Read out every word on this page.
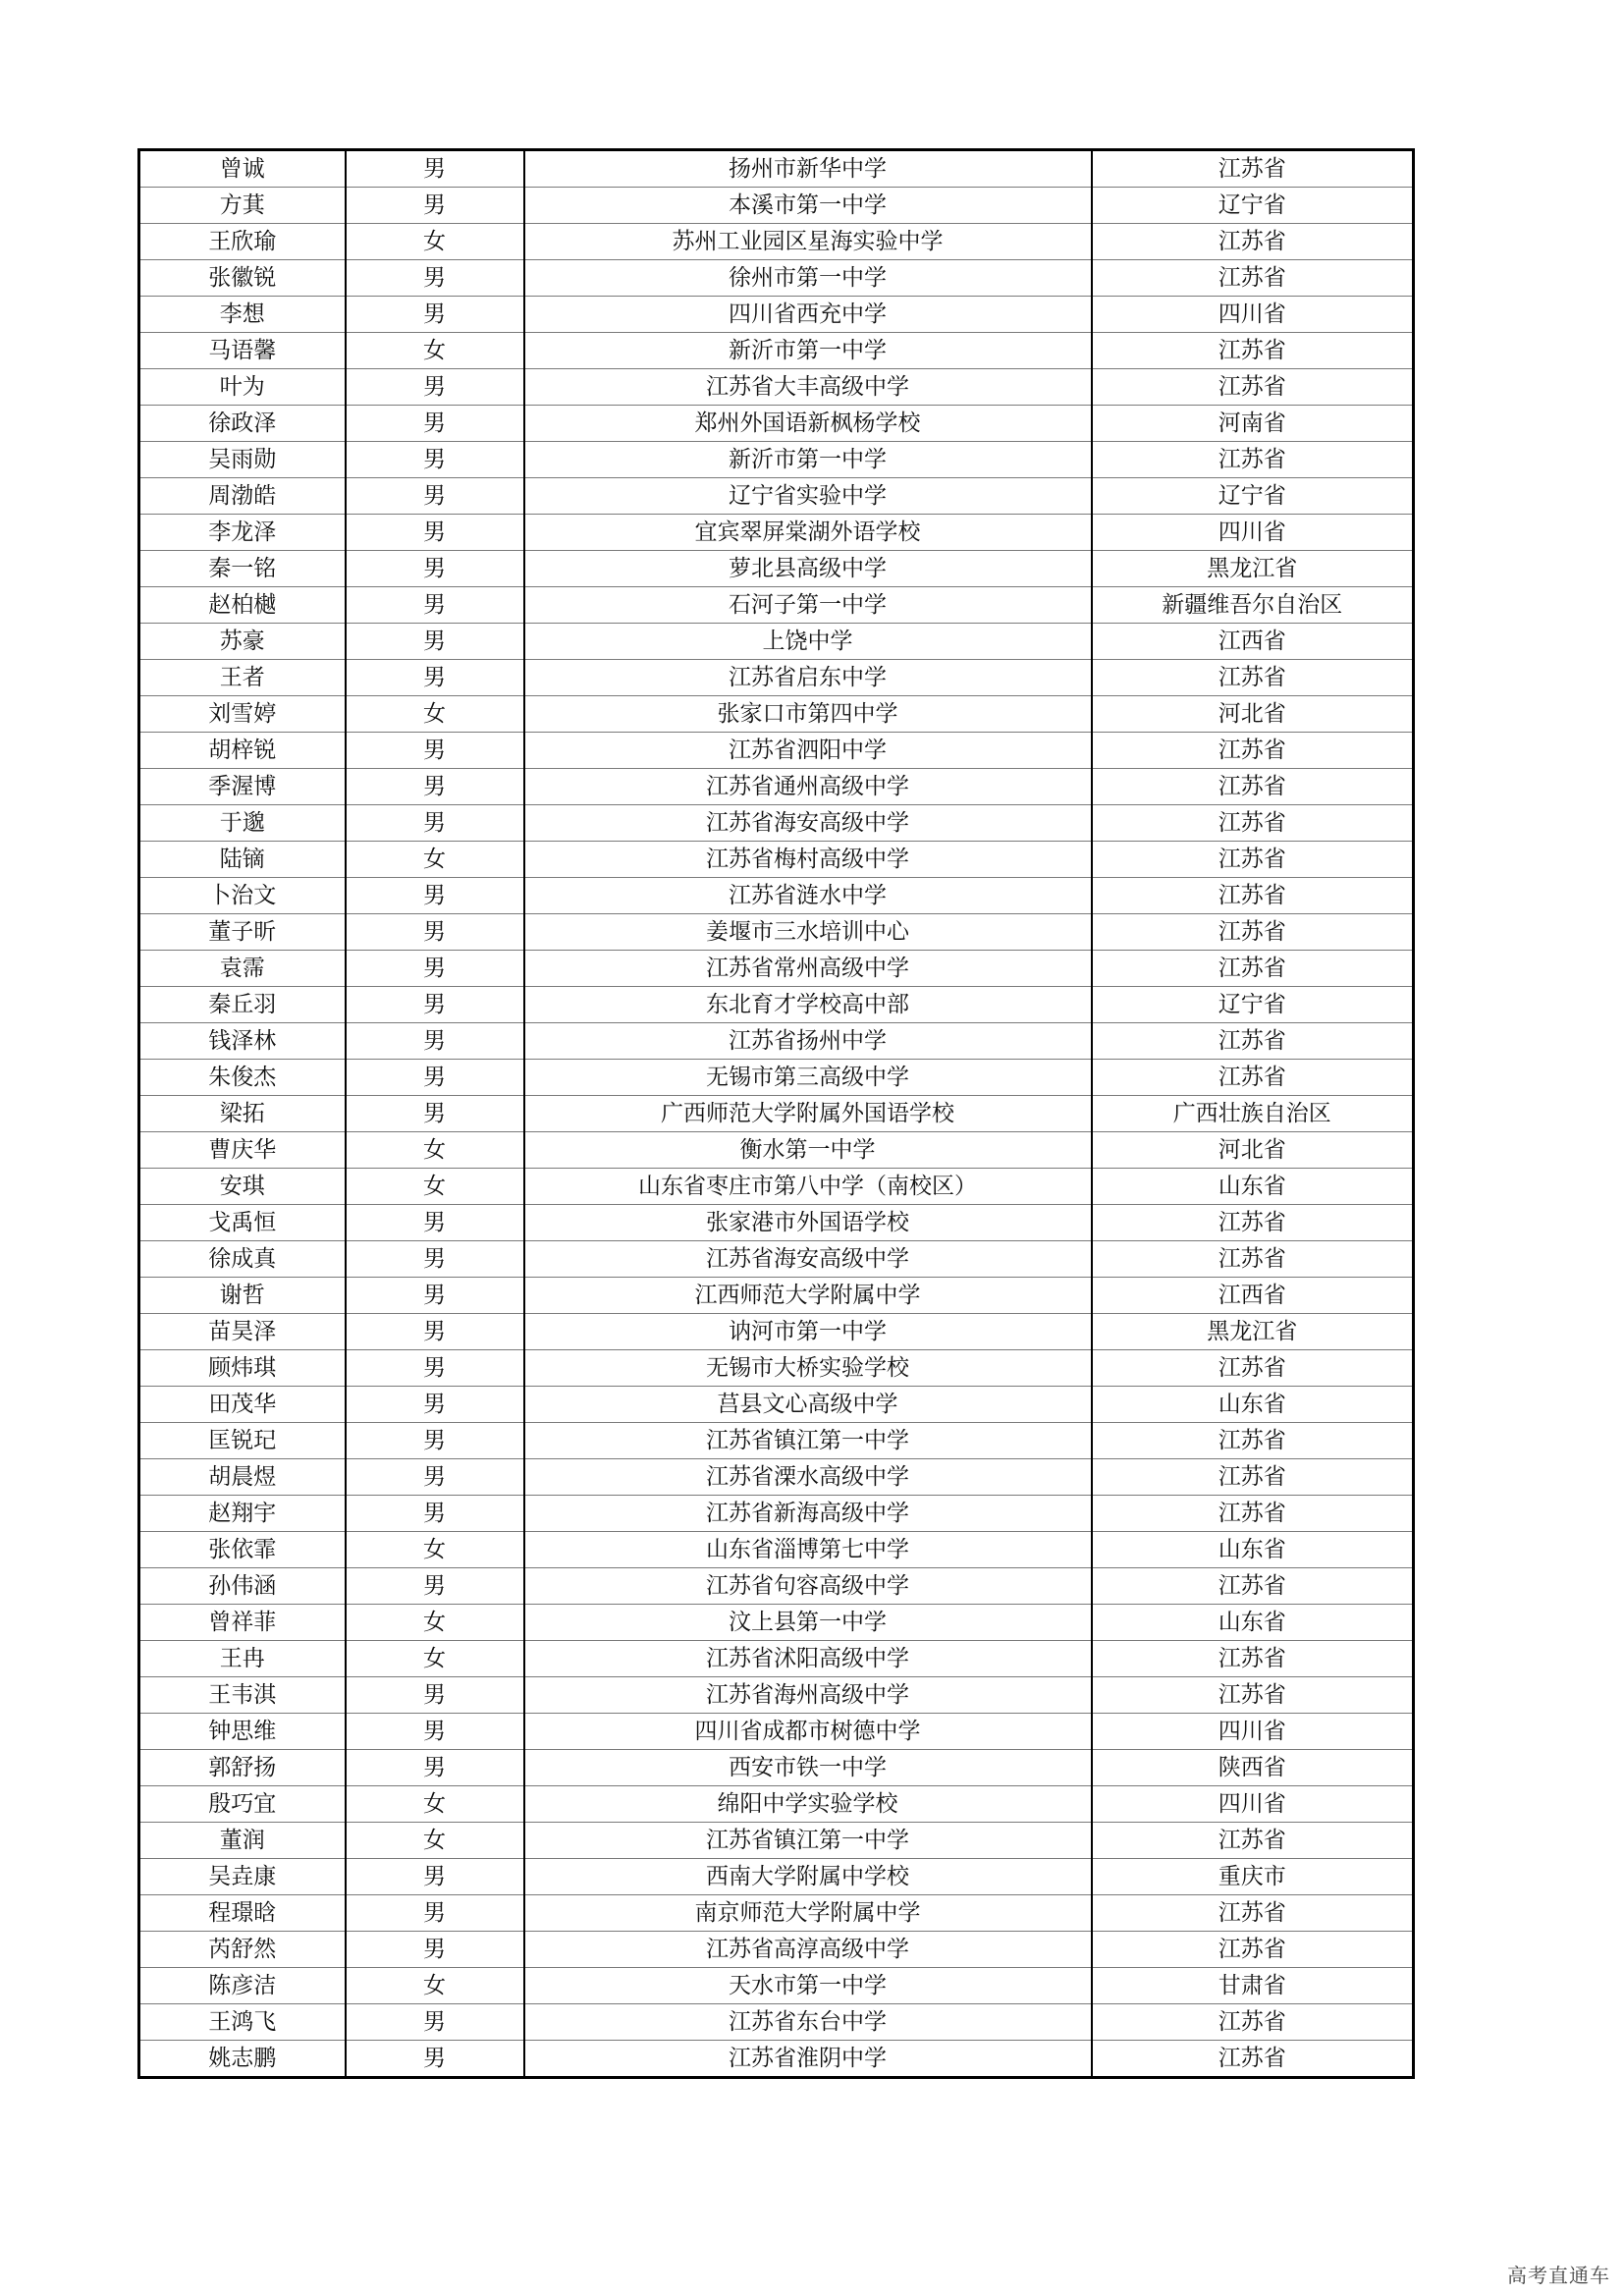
曾诚	男	扬州市新华中学	江苏省
方萁	男	本溪市第一中学	辽宁省
王欣瑜	女	苏州工业园区星海实验中学	江苏省
张徽锐	男	徐州市第一中学	江苏省
李想	男	四川省西充中学	四川省
马语馨	女	新沂市第一中学	江苏省
叶为	男	江苏省大丰高级中学	江苏省
徐政泽	男	郑州外国语新枫杨学校	河南省
吴雨勋	男	新沂市第一中学	江苏省
周渤皓	男	辽宁省实验中学	辽宁省
李龙泽	男	宜宾翠屏棠湖外语学校	四川省
秦一铭	男	萝北县高级中学	黑龙江省
赵柏樾	男	石河子第一中学	新疆维吾尔自治区
苏豪	男	上饶中学	江西省
王者	男	江苏省启东中学	江苏省
刘雪婷	女	张家口市第四中学	河北省
胡梓锐	男	江苏省泗阳中学	江苏省
季渥博	男	江苏省通州高级中学	江苏省
于邈	男	江苏省海安高级中学	江苏省
陆镝	女	江苏省梅村高级中学	江苏省
卜治文	男	江苏省涟水中学	江苏省
董子昕	男	姜堰市三水培训中心	江苏省
袁霈	男	江苏省常州高级中学	江苏省
秦丘羽	男	东北育才学校高中部	辽宁省
钱泽林	男	江苏省扬州中学	江苏省
朱俊杰	男	无锡市第三高级中学	江苏省
梁拓	男	广西师范大学附属外国语学校	广西壮族自治区
曹庆华	女	衡水第一中学	河北省
安琪	女	山东省枣庄市第八中学（南校区）	山东省
戈禹恒	男	张家港市外国语学校	江苏省
徐成真	男	江苏省海安高级中学	江苏省
谢哲	男	江西师范大学附属中学	江西省
苗昊泽	男	讷河市第一中学	黑龙江省
顾炜琪	男	无锡市大桥实验学校	江苏省
田茂华	男	莒县文心高级中学	山东省
匡锐玘	男	江苏省镇江第一中学	江苏省
胡晨煜	男	江苏省溧水高级中学	江苏省
赵翔宇	男	江苏省新海高级中学	江苏省
张依霏	女	山东省淄博第七中学	山东省
孙伟涵	男	江苏省句容高级中学	江苏省
曾祥菲	女	汶上县第一中学	山东省
王冉	女	江苏省沭阳高级中学	江苏省
王韦淇	男	江苏省海州高级中学	江苏省
钟思维	男	四川省成都市树德中学	四川省
郭舒扬	男	西安市铁一中学	陕西省
殷巧宜	女	绵阳中学实验学校	四川省
董润	女	江苏省镇江第一中学	江苏省
吴垚康	男	西南大学附属中学校	重庆市
程璟晗	男	南京师范大学附属中学	江苏省
芮舒然	男	江苏省高淳高级中学	江苏省
陈彦洁	女	天水市第一中学	甘肃省
王鸿飞	男	江苏省东台中学	江苏省
姚志鹏	男	江苏省淮阴中学	江苏省
高考直通车
